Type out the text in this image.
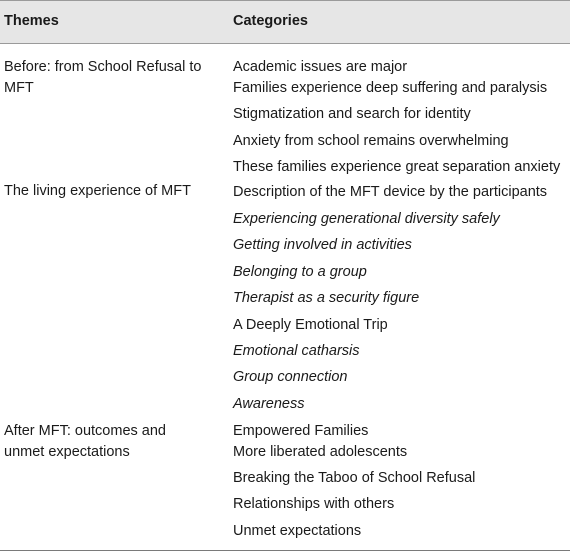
Themes	Categories
Before: from School Refusal to MFT
The living experience of MFT
After MFT: outcomes and unmet expectations
Academic issues are major
Families experience deep suffering and paralysis
Stigmatization and search for identity
Anxiety from school remains overwhelming
These families experience great separation anxiety
Description of the MFT device by the participants
Experiencing generational diversity safely
Getting involved in activities
Belonging to a group
Therapist as a security figure
A Deeply Emotional Trip
Emotional catharsis
Group connection
Awareness
Empowered Families
More liberated adolescents
Breaking the Taboo of School Refusal
Relationships with others
Unmet expectations
